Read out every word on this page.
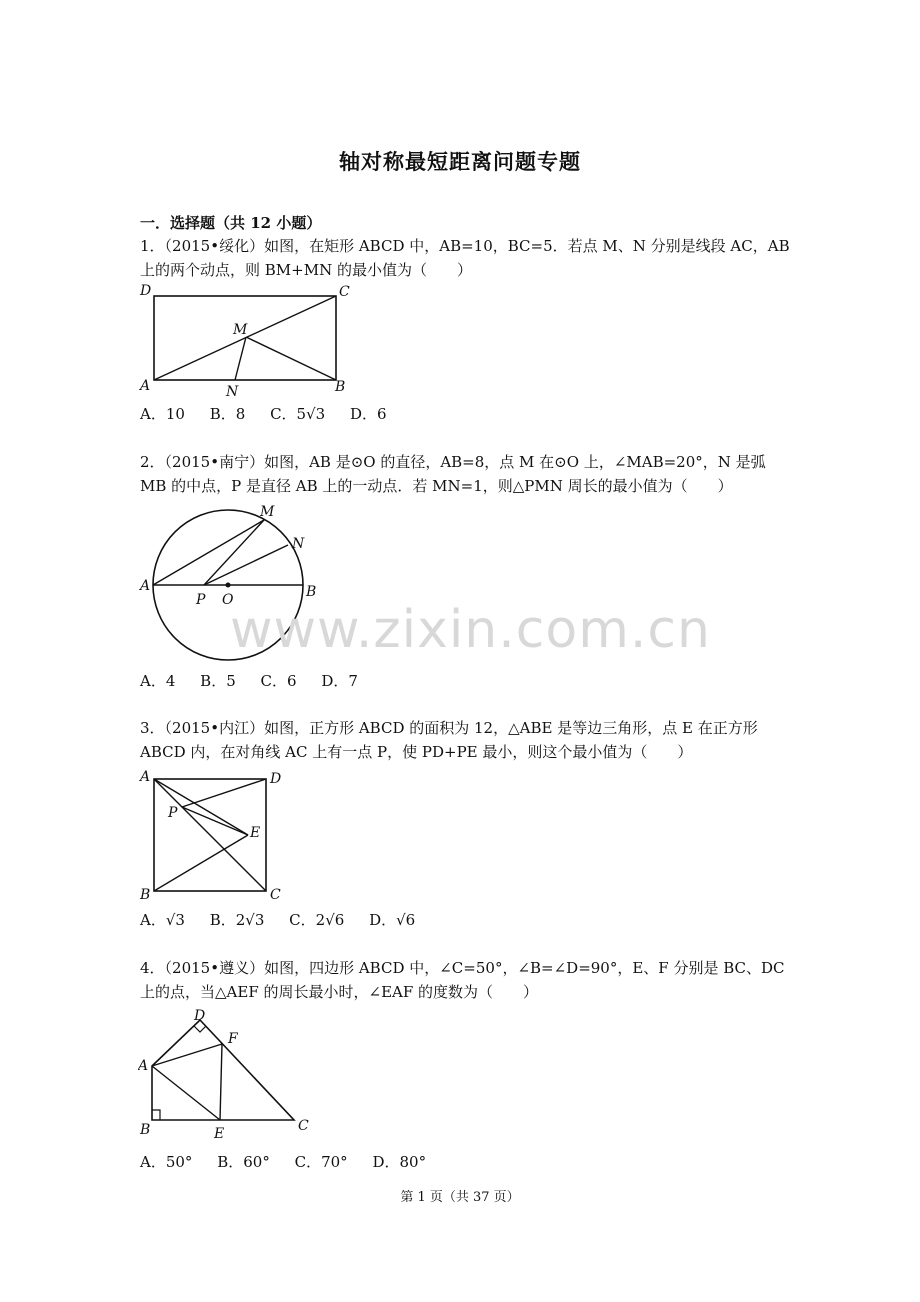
轴对称最短距离问题专题
一．选择题（共 12 小题）
1．（2015•绥化）如图，在矩形 ABCD 中，AB=10，BC=5．若点 M、N 分别是线段 AC，AB 上的两个动点，则 BM+MN 的最小值为（　　）
D	C
A	B
M
N
A．10 B．8 C．5√3 D．6
2．（2015•南宁）如图，AB 是⊙O 的直径，AB=8，点 M 在⊙O 上，∠MAB=20°，N 是弧 MB 的中点，P 是直径 AB 上的一动点．若 MN=1，则△PMN 周长的最小值为（　　）
A	B
M
N
P O
A．4 B．5 C．6 D．7
www.zixin.com.cn
3．（2015•内江）如图，正方形 ABCD 的面积为 12，△ABE 是等边三角形，点 E 在正方形 ABCD 内，在对角线 AC 上有一点 P，使 PD+PE 最小，则这个最小值为（　　）
A	D
P
E
B	C
A．√3 B．2√3 C．2√6 D．√6
4．（2015•遵义）如图，四边形 ABCD 中，∠C=50°，∠B=∠D=90°，E、F 分别是 BC、DC 上的点，当△AEF 的周长最小时，∠EAF 的度数为（　　）
D
F
A
B	E	C
A．50° B．60° C．70° D．80°
第 1 页（共 37 页）
